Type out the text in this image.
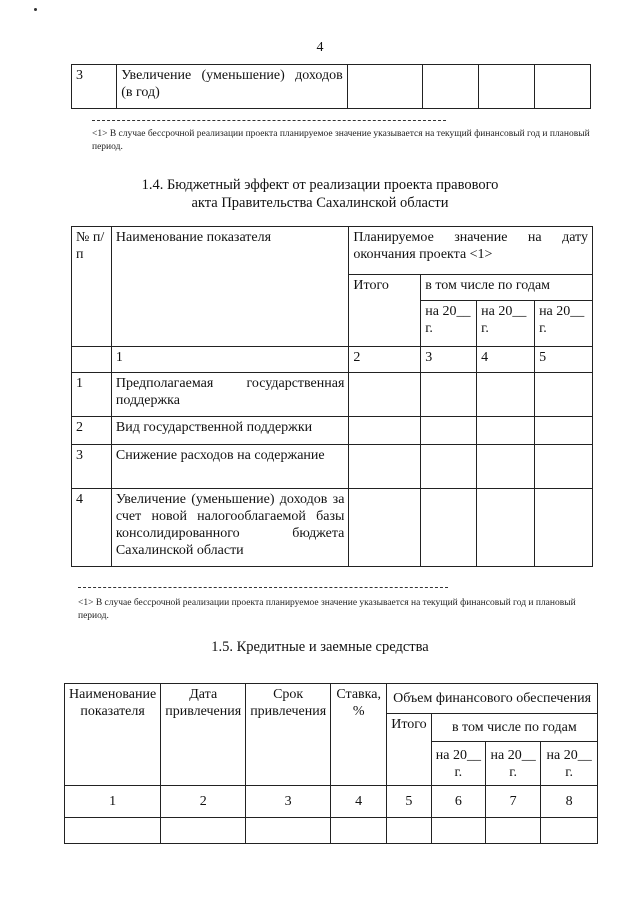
4
3	Увеличение (уменьшение) доходов (в год)				
<1> В случае бессрочной реализации проекта планируемое значение указывается на текущий финансовый год и плановый период.
1.4. Бюджетный эффект от реализации проекта правового
акта Правительства Сахалинской области
№ п/п	Наименование показателя	Планируемое значение на дату окончания проекта <1>			
		Итого	в том числе по годам		
			на 20__ г.	на 20__ г.	на 20__ г.
	1	2	3	4	5
1	Предполагаемая государственная поддержка				
2	Вид государственной поддержки				
3	Снижение расходов на содержание				
4	Увеличение (уменьшение) доходов за счет новой налогооблагаемой базы консолидированного бюджета Сахалинской области				
<1> В случае бессрочной реализации проекта планируемое значение указывается на текущий финансовый год и плановый период.
1.5. Кредитные и заемные средства
Наименование показателя	Дата привлечения	Срок привлечения	Ставка, %	Объем финансового обеспечения			
				Итого	в том числе по годам		
					на 20__ г.	на 20__ г.	на 20__ г.
1	2	3	4	5	6	7	8
